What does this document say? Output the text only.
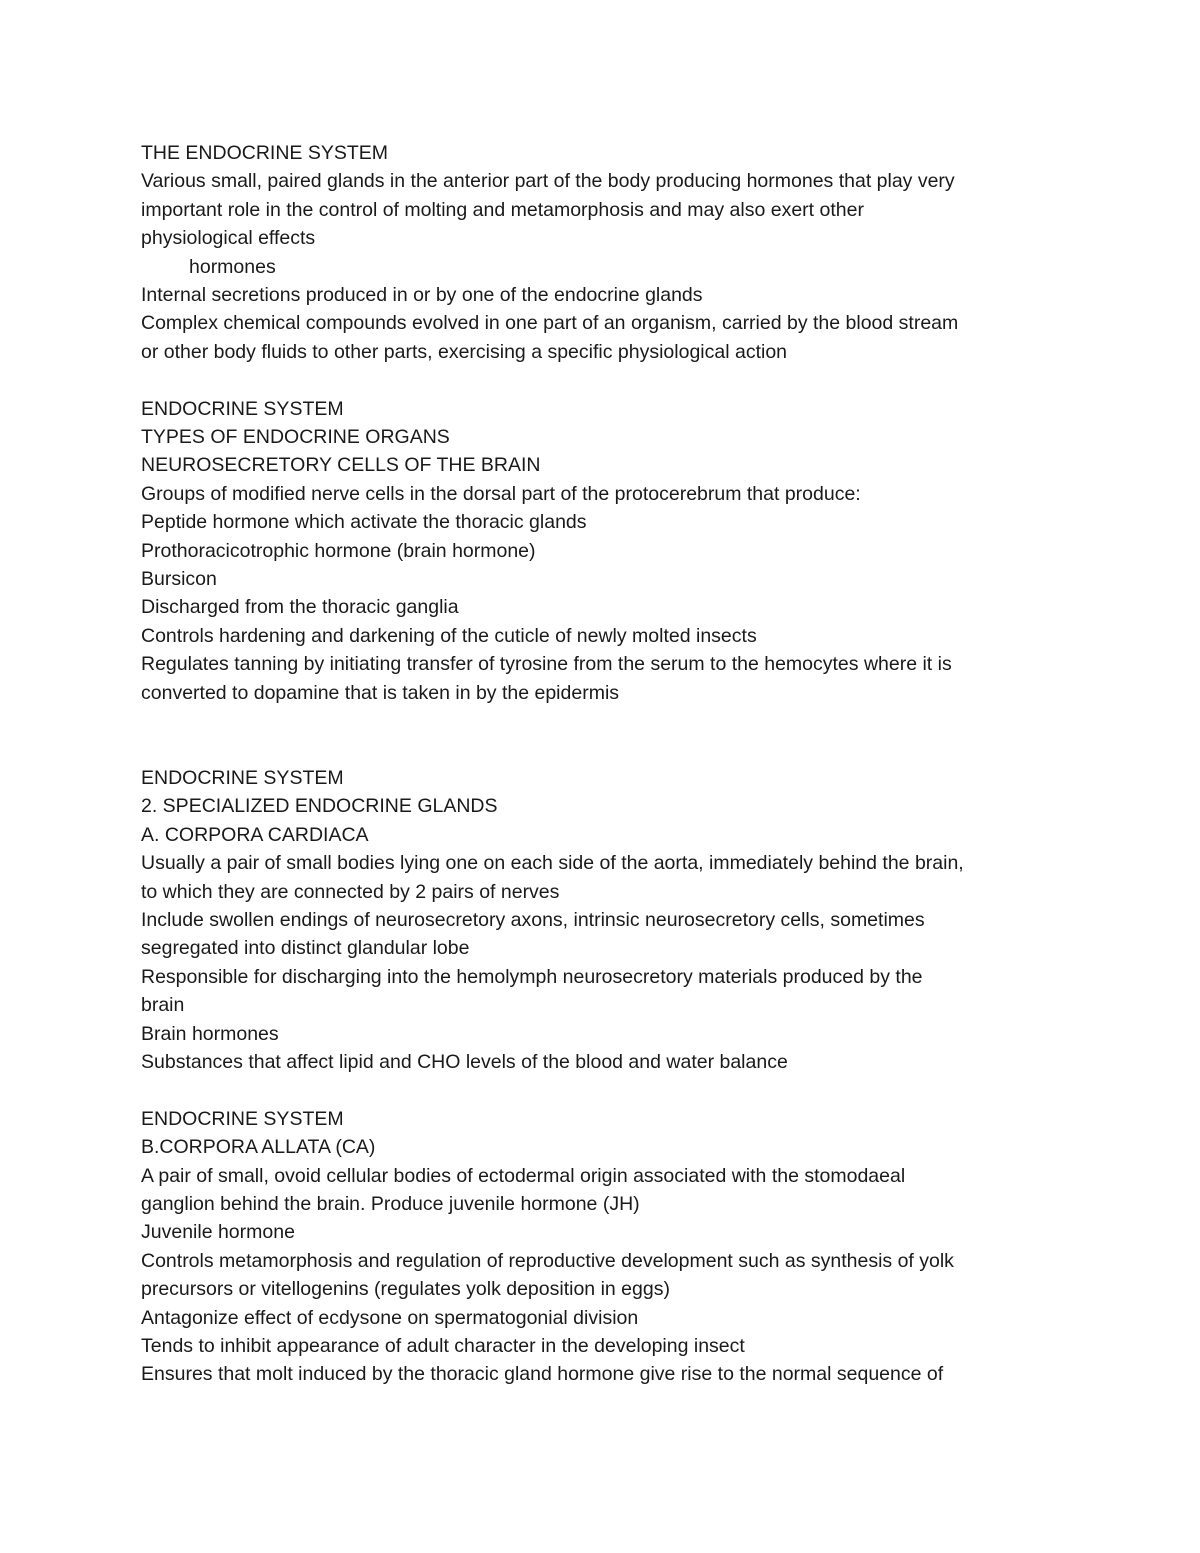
THE ENDOCRINE SYSTEM
Various small, paired glands in the anterior part of the body producing hormones that play very
important role in the control of molting and metamorphosis and may also exert other
physiological effects
hormones
Internal secretions produced in or by one of the endocrine glands
Complex chemical compounds evolved in one part of an organism, carried by the blood stream
or other body fluids to other parts, exercising a specific physiological action
ENDOCRINE SYSTEM
TYPES OF ENDOCRINE ORGANS
NEUROSECRETORY CELLS OF THE BRAIN
Groups of modified nerve cells in the dorsal part of the protocerebrum that produce:
Peptide hormone which activate the thoracic glands
Prothoracicotrophic hormone (brain hormone)
Bursicon
Discharged from the thoracic ganglia
Controls hardening and darkening of the cuticle of newly molted insects
Regulates tanning by initiating transfer of tyrosine from the serum to the hemocytes where it is
converted to dopamine that is taken in by the epidermis
ENDOCRINE SYSTEM
2. SPECIALIZED ENDOCRINE GLANDS
A. CORPORA CARDIACA
Usually a pair of small bodies lying one on each side of the aorta, immediately behind the brain,
to which they are connected by 2 pairs of nerves
Include swollen endings of neurosecretory axons, intrinsic neurosecretory cells, sometimes
segregated into distinct glandular lobe
Responsible for discharging into the hemolymph neurosecretory materials produced by the
brain
Brain hormones
Substances that affect lipid and CHO levels of the blood and water balance
ENDOCRINE SYSTEM
B.CORPORA ALLATA (CA)
A pair of small, ovoid cellular bodies of ectodermal origin associated with the stomodaeal
ganglion behind the brain. Produce juvenile hormone (JH)
Juvenile hormone
Controls metamorphosis and regulation of reproductive development such as synthesis of yolk
precursors or vitellogenins (regulates yolk deposition in eggs)
Antagonize effect of ecdysone on spermatogonial division
Tends to inhibit appearance of adult character in the developing insect
Ensures that molt induced by the thoracic gland hormone give rise to the normal sequence of
